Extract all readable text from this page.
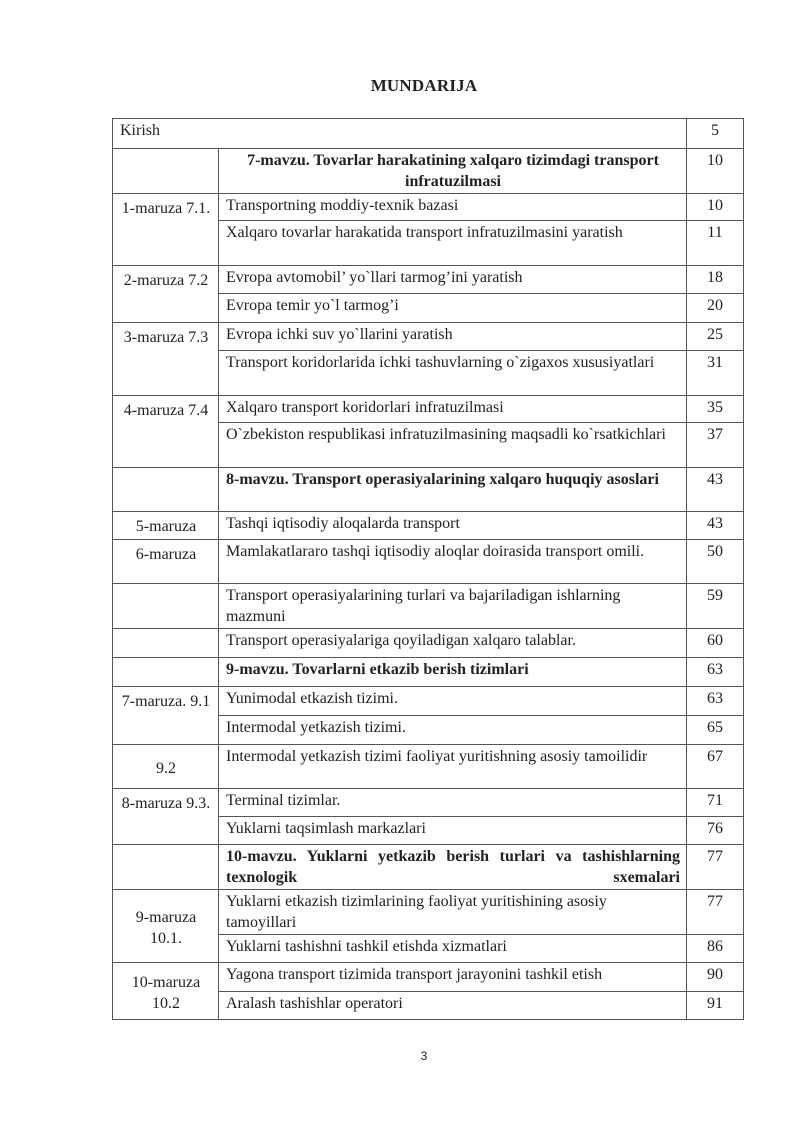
MUNDARIJA
Kirish		5
	7-mavzu. Tovarlar harakatining xalqaro tizimdagi transport infratuzilmasi	10
1-maruza 7.1.	Transportning moddiy-texnik bazasi	10
	Xalqaro tovarlar harakatida transport infratuzilmasini yaratish	11
2-maruza 7.2	Evropa avtomobil’ yo`llari tarmog’ini yaratish	18
	Evropa temir yo`l tarmog’i	20
3-maruza 7.3	Evropa ichki suv yo`llarini yaratish	25
	Transport koridorlarida ichki tashuvlarning o`zigaxos xususiyatlari	31
4-maruza 7.4	Xalqaro transport koridorlari infratuzilmasi	35
	O`zbekiston respublikasi infratuzilmasining maqsadli ko`rsatkichlari	37
	8-mavzu. Transport operasiyalarining xalqaro huquqiy asoslari	43
5-maruza	Tashqi iqtisodiy aloqalarda transport	43
6-maruza	Mamlakatlararo tashqi iqtisodiy aloqlar doirasida transport omili.	50
	Transport operasiyalarining turlari va bajariladigan ishlarning mazmuni	59
	Transport operasiyalariga qoyiladigan xalqaro talablar.	60
	9-mavzu. Tovarlarni etkazib berish tizimlari	63
7-maruza. 9.1	Yunimodal etkazish tizimi.	63
	Intermodal yetkazish tizimi.	65
9.2	Intermodal yetkazish tizimi faoliyat yuritishning asosiy tamoilidir	67
8-maruza 9.3.	Terminal tizimlar.	71
	Yuklarni taqsimlash markazlari	76
	10-mavzu. Yuklarni yetkazib berish turlari va tashishlarning texnologik sxemalari	77
9-maruza 10.1.	Yuklarni etkazish tizimlarining faoliyat yuritishining asosiy tamoyillari	77
	Yuklarni tashishni tashkil etishda xizmatlari	86
10-maruza 10.2	Yagona transport tizimida transport jarayonini tashkil etish	90
	Aralash tashishlar operatori	91
3
